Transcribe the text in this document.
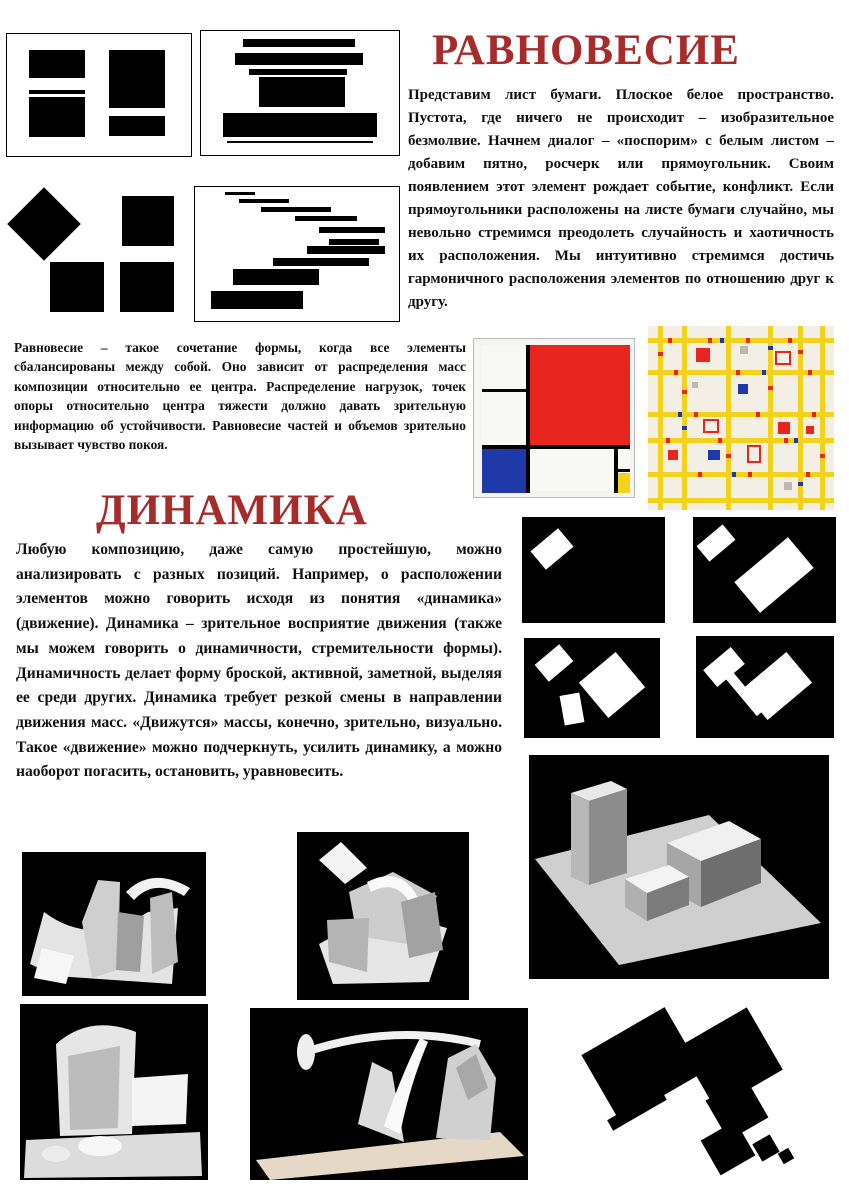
РАВНОВЕСИЕ

Представим лист бумаги. Плоское белое пространство. Пустота, где ничего не происходит – изобразительное безмолвие. Начнем диалог – «поспорим» с белым листом – добавим пятно, росчерк или прямоугольник. Своим появлением этот элемент рождает событие, конфликт. Если прямоугольники расположены на листе бумаги случайно, мы невольно стремимся преодолеть случайность и хаотичность их расположения. Мы интуитивно стремимся достичь гармоничного расположения элементов по отношению друг к другу.

Равновесие – такое сочетание формы, когда все элементы сбалансированы между собой. Оно зависит от распределения масс композиции относительно ее центра. Распределение нагрузок, точек опоры относительно центра тяжести должно давать зрительную информацию об устойчивости. Равновесие частей и объемов зрительно вызывает чувство покоя.

ДИНАМИКА

Любую композицию, даже самую простейшую, можно анализировать с разных позиций. Например, о расположении элементов можно говорить исходя из понятия «динамика» (движение). Динамика – зрительное восприятие движения (также мы можем говорить о динамичности, стремительности формы). Динамичность делает форму броской, активной, заметной, выделяя ее среди других. Динамика требует резкой смены в направлении движения масс. «Движутся» массы, конечно, зрительно, визуально. Такое «движение» можно подчеркнуть, усилить динамику, а можно наоборот погасить, остановить, уравновесить.
